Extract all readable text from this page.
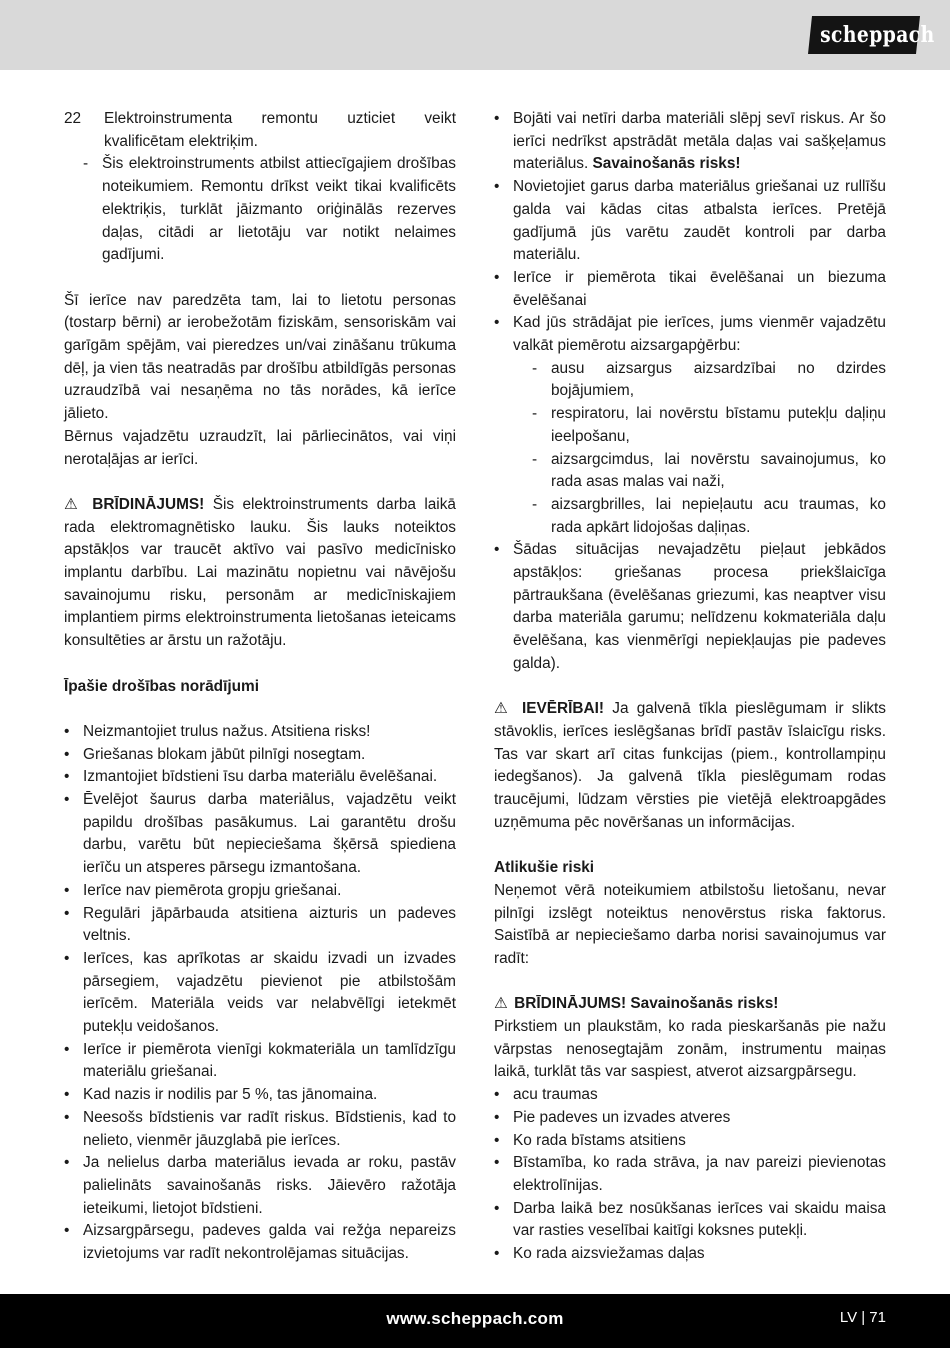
scheppach
22	Elektroinstrumenta remontu uzticiet veikt kvalificētam elektriķim.
- Šis elektroinstruments atbilst attiecīgajiem drošības noteikumiem. Remontu drīkst veikt tikai kvalificēts elektriķis, turklāt jāizmanto oriģinālās rezerves daļas, citādi ar lietotāju var notikt nelaimes gadījumi.

Šī ierīce nav paredzēta tam, lai to lietotu personas (tostarp bērni) ar ierobežotām fiziskām, sensoriskām vai garīgām spējām, vai pieredzes un/vai zināšanu trūkuma dēļ, ja vien tās neatradās par drošību atbildīgās personas uzraudzībā vai nesaņēma no tās norādes, kā ierīce jālieto.

Bērnus vajadzētu uzraudzīt, lai pārliecinātos, vai viņi nerotaļājas ar ierīci.

⚠ BRĪDINĀJUMS! Šis elektroinstruments darba laikā rada elektromagnētisko lauku. Šis lauks noteiktos apstākļos var traucēt aktīvo vai pasīvo medicīnisko implantu darbību. Lai mazinātu nopietnu vai nāvējošu savainojumu risku, personām ar medicīniskajiem implantiem pirms elektroinstrumenta lietošanas ieteicams konsultēties ar ārstu un ražotāju.

Īpašie drošības norādījumi

• Neizmantojiet trulus nažus. Atsitiena risks!
• Griešanas blokam jābūt pilnīgi nosegtam.
• Izmantojiet bīdstieni īsu darba materiālu ēvelēšanai.
• Ēvelējot šaurus darba materiālus, vajadzētu veikt papildu drošības pasākumus. Lai garantētu drošu darbu, varētu būt nepieciešama šķērsā spiediena ierīču un atsperes pārsegu izmantošana.
• Ierīce nav piemērota gropju griešanai.
• Regulāri jāpārbauda atsitiena aizturis un padeves veltnis.
• Ierīces, kas aprīkotas ar skaidu izvadi un izvades pārsegiem, vajadzētu pievienot pie atbilstošām ierīcēm. Materiāla veids var nelabvēlīgi ietekmēt putekļu veidošanos.
• Ierīce ir piemērota vienīgi kokmateriāla un tamlīdzīgu materiālu griešanai.
• Kad nazis ir nodilis par 5 %, tas jānomaina.
• Neesošs bīdstienis var radīt riskus. Bīdstienis, kad to nelieto, vienmēr jāuzglabā pie ierīces.
• Ja nelielus darba materiālus ievada ar roku, pastāv palielināts savainošanās risks. Jāievēro ražotāja ieteikumi, lietojot bīdstieni.
• Aizsargpārsegu, padeves galda vai režģa nepareizs izvietojums var radīt nekontrolējamas situācijas.
• Bojāti vai netīri darba materiāli slēpj sevī riskus. Ar šo ierīci nedrīkst apstrādāt metāla daļas vai sašķeļamus materiālus. Savainošanās risks!
• Novietojiet garus darba materiālus griešanai uz rullīšu galda vai kādas citas atbalsta ierīces. Pretējā gadījumā jūs varētu zaudēt kontroli par darba materiālu.
• Ierīce ir piemērota tikai ēvelēšanai un biezuma ēvelēšanai
• Kad jūs strādājat pie ierīces, jums vienmēr vajadzētu valkāt piemērotu aizsargapģērbu:
- ausu aizsargus aizsardzībai no dzirdes bojājumiem,
- respiratoru, lai novērstu bīstamu putekļu daļiņu ieelpošanu,
- aizsargcimdus, lai novērstu savainojumus, ko rada asas malas vai naži,
- aizsargbrilles, lai nepieļautu acu traumas, ko rada apkārt lidojošas daļiņas.
• Šādas situācijas nevajadzētu pieļaut jebkādos apstākļos: griešanas procesa priekšlaicīga pārtraukšana (ēvelēšanas griezumi, kas neaptver visu darba materiāla garumu; nelīdzenu kokmateriāla daļu ēvelēšana, kas vienmērīgi nepiekļaujas pie padeves galda).

⚠ IEVĒRĪBAI! Ja galvenā tīkla pieslēgumam ir slikts stāvoklis, ierīces ieslēgšanas brīdī pastāv īslaicīgu risks. Tas var skart arī citas funkcijas (piem., kontrollampiņu iedegšanos). Ja galvenā tīkla pieslēgumam rodas traucējumi, lūdzam vērsties pie vietējā elektroapgādes uzņēmuma pēc novēršanas un informācijas.

Atlikušie riski

Neņemot vērā noteikumiem atbilstošu lietošanu, nevar pilnīgi izslēgt noteiktus nenovērstus riska faktorus. Saistībā ar nepieciešamo darba norisi savainojumus var radīt:

⚠ BRĪDINĀJUMS! Savainošanās risks!

Pirkstiem un plaukstām, ko rada pieskaršanās pie nažu vārpstas nenosegtajām zonām, instrumentu maiņas laikā, turklāt tās var saspiest, atverot aizsargpārsegu.

• acu traumas
• Pie padeves un izvades atveres
• Ko rada bīstams atsitiens
• Bīstamība, ko rada strāva, ja nav pareizi pievienotas elektrolīnijas.
• Darba laikā bez nosūkšanas ierīces vai skaidu maisa var rasties veselībai kaitīgi koksnes putekļi.
• Ko rada aizsviežamas daļas
www.scheppach.com	LV | 71
